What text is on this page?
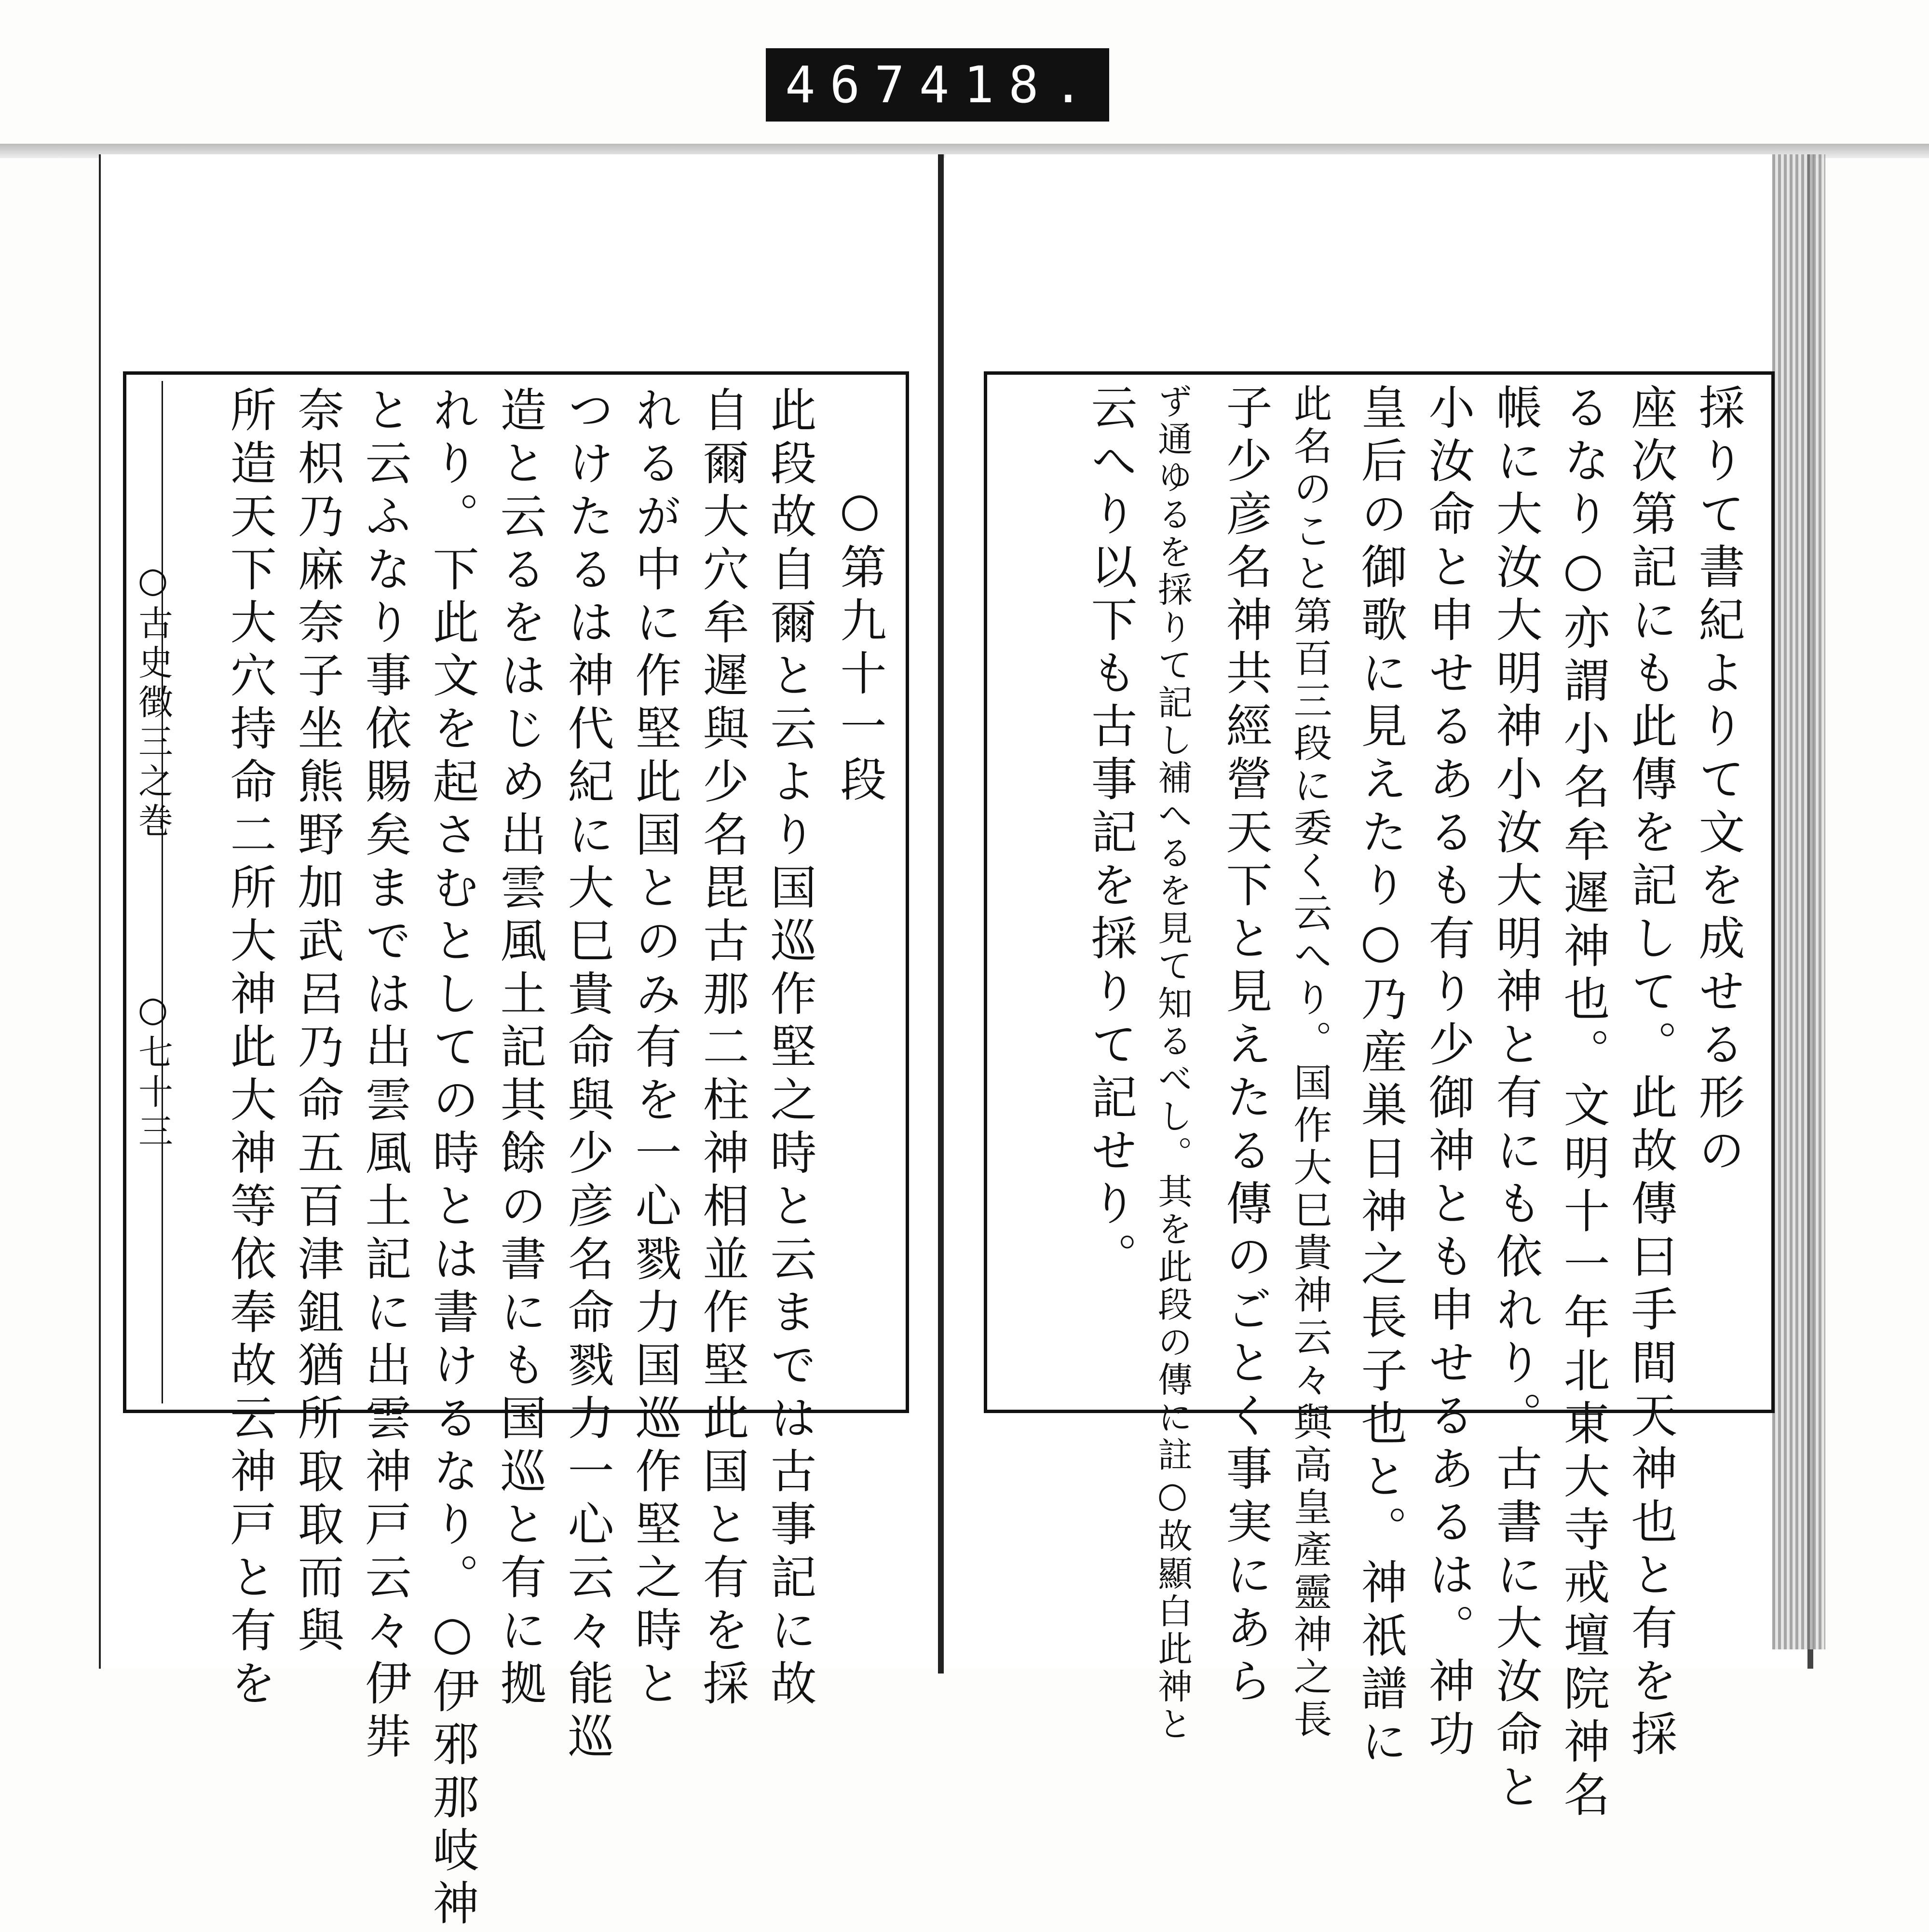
467 418.
採りて書紀よりて文を成せる形の
座次第記にも此傳を記して。此故傳曰手間天神也と有を採
るなり○亦謂小名牟遲神也。文明十一年北東大寺戒壇院神名
帳に大汝大明神小汝大明神と有にも依れり。古書に大汝命と
小汝命と申せるあるも有り少御神とも申せるあるは。神功
皇后の御歌に見えたり○乃産巣日神之長子也と。神祇譜に
此名のこと第百三段に委く云へり。国作大巳貴神云々與高皇產靈神之長
子少彦名神共經營天下と見えたる傳のごとく事実にあら
ず通ゆるを採りて記し補へるを見て知るべし。其を此段の傳に註○故顯白此神と
云へり以下も古事記を採りて記せり。
○第九十一段
此段故自爾と云より国巡作堅之時と云までは古事記に故
自爾大穴牟遲與少名毘古那二柱神相並作堅此国と有を採
れるが中に作堅此国とのみ有を一心戮力国巡作堅之時と
つけたるは神代紀に大巳貴命與少彦名命戮力一心云々能巡
造と云るをはじめ出雲風土記其餘の書にも国巡と有に拠
れり。下此文を起さむとしての時とは書けるなり。○伊邪那岐神
と云ふなり事依賜矣までは出雲風土記に出雲神戸云々伊弉
奈枳乃麻奈子坐熊野加武呂乃命五百津鉏猶所取取而與
所造天下大穴持命二所大神此大神等依奉故云神戸と有を
○古史徴三之巻
○七十三
